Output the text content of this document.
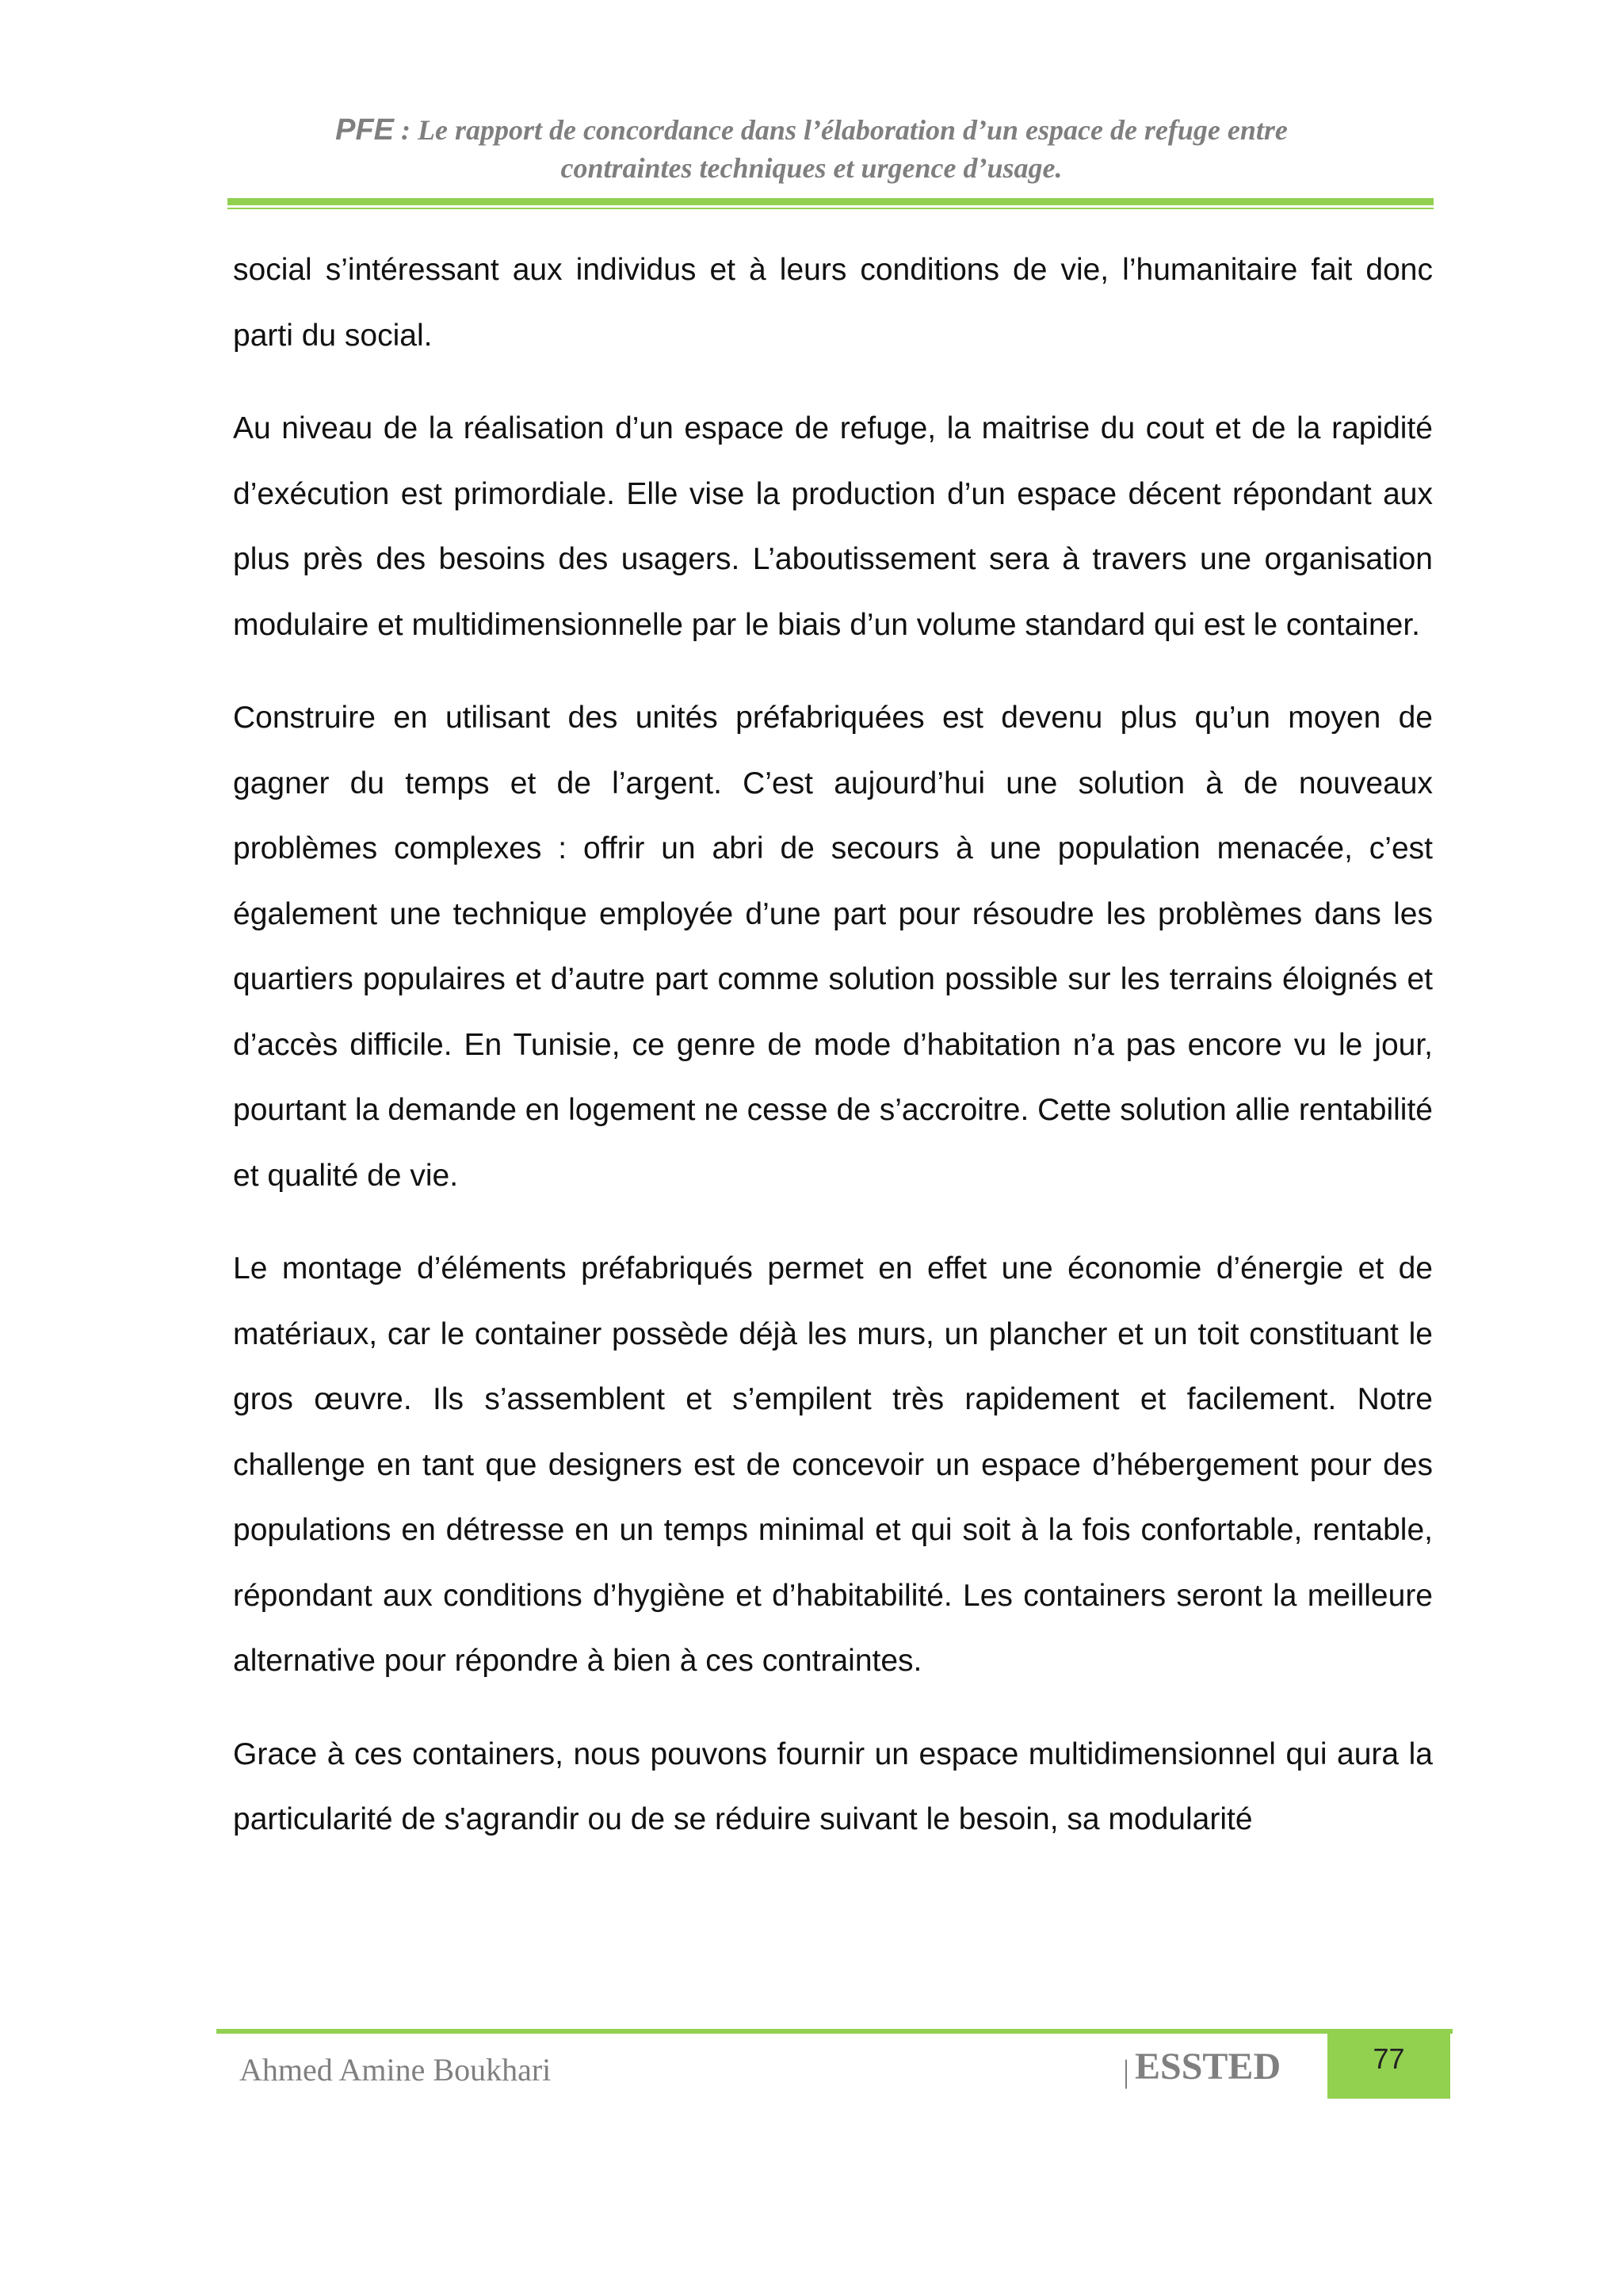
PFE : Le rapport de concordance dans l’élaboration d’un espace de refuge entre
contraintes techniques et urgence d’usage.

social s’intéressant aux individus et à leurs conditions de vie, l’humanitaire fait donc parti du social.

Au niveau de la réalisation d’un espace de refuge, la maitrise du cout et de la rapidité d’exécution est primordiale. Elle vise la production d’un espace décent répondant aux plus près des besoins des usagers. L’aboutissement sera à travers une organisation modulaire et multidimensionnelle par le biais d’un volume standard qui est le container.

Construire en utilisant des unités préfabriquées est devenu plus qu’un moyen de gagner du temps et de l’argent. C’est aujourd’hui une solution à de nouveaux problèmes complexes : offrir un abri de secours à une population menacée, c’est également une technique employée d’une part pour résoudre les problèmes dans les quartiers populaires et d’autre part comme solution possible sur les terrains éloignés et d’accès difficile. En Tunisie, ce genre de mode d’habitation n’a pas encore vu le jour, pourtant la demande en logement ne cesse de s’accroitre. Cette solution allie rentabilité et qualité de vie.

Le montage d’éléments préfabriqués permet en effet une économie d’énergie et de matériaux, car le container possède déjà les murs, un plancher et un toit constituant le gros œuvre. Ils s’assemblent et s’empilent très rapidement et facilement. Notre challenge en tant que designers est de concevoir un espace d’hébergement pour des populations en détresse en un temps minimal et qui soit à la fois confortable, rentable, répondant aux conditions d’hygiène et d’habitabilité. Les containers seront la meilleure alternative pour répondre à bien à ces contraintes.

Grace à ces containers, nous pouvons fournir un espace multidimensionnel qui aura la particularité de s'agrandir ou de se réduire suivant le besoin, sa modularité

Ahmed Amine Boukhari	| ESSTED	77
